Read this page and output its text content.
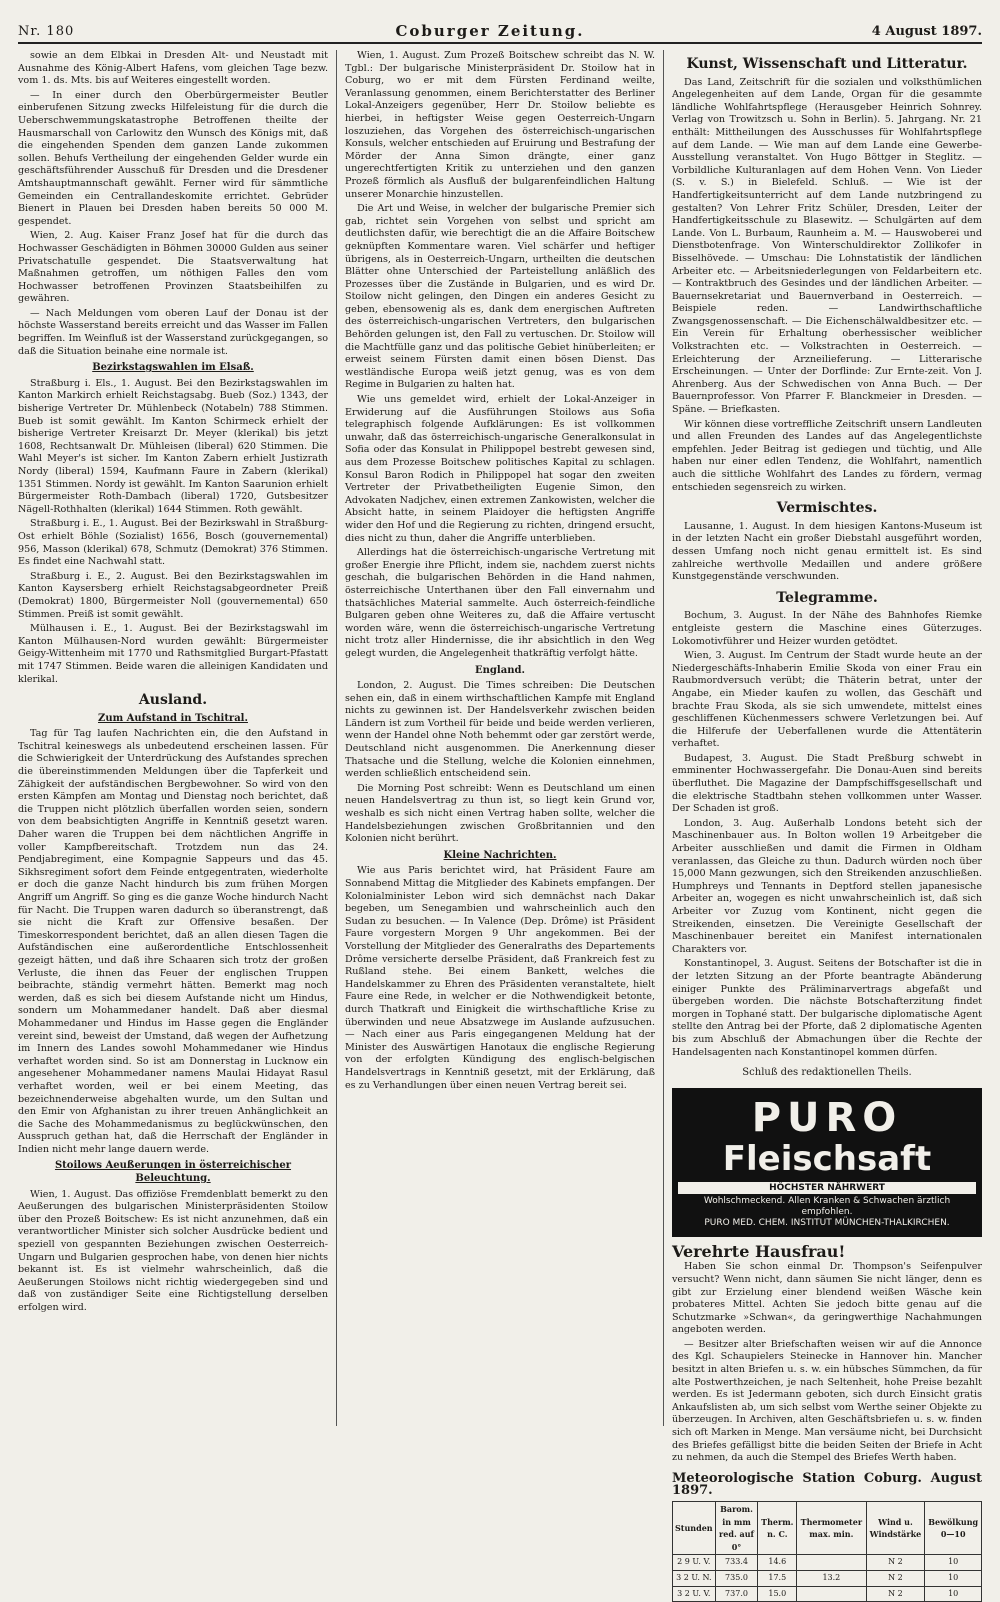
Nr. 180	Coburger Zeitung.	4 August 1897.

sowie an dem Elbkai in Dresden Alt- und Neustadt mit Ausnahme des König-Albert Hafens, vom gleichen Tage bezw. vom 1. ds. Mts. bis auf Weiteres eingestellt worden.

— In einer durch den Oberbürgermeister Beutler einberufenen Sitzung zwecks Hilfeleistung für die durch die Ueberschwemmungskatastrophe Betroffenen theilte der Hausmarschall von Carlowitz den Wunsch des Königs mit, daß die eingehenden Spenden dem ganzen Lande zukommen sollen. Behufs Vertheilung der eingehenden Gelder wurde ein geschäftsführender Ausschuß für Dresden und die Dresdener Amtshauptmannschaft gewählt. Ferner wird für sämmtliche Gemeinden ein Centrallandeskomite errichtet. Gebrüder Bienert in Plauen bei Dresden haben bereits 50 000 M. gespendet.

Wien, 2. Aug. Kaiser Franz Josef hat für die durch das Hochwasser Geschädigten in Böhmen 30000 Gulden aus seiner Privatschatulle gespendet. Die Staatsverwaltung hat Maßnahmen getroffen, um nöthigen Falles den vom Hochwasser betroffenen Provinzen Staatsbeihilfen zu gewähren.

— Nach Meldungen vom oberen Lauf der Donau ist der höchste Wasserstand bereits erreicht und das Wasser im Fallen begriffen. Im Weinfluß ist der Wasserstand zurückgegangen, so daß die Situation beinahe eine normale ist.

Bezirkstagswahlen im Elsaß.

Straßburg i. Els., 1. August. Bei den Bezirkstagswahlen im Kanton Markirch erhielt Reichstagsabg. Bueb (Soz.) 1343, der bisherige Vertreter Dr. Mühlenbeck (Notabeln) 788 Stimmen. Bueb ist somit gewählt. Im Kanton Schirmeck erhielt der bisherige Vertreter Kreisarzt Dr. Meyer (klerikal) bis jetzt 1608, Rechtsanwalt Dr. Mühleisen (liberal) 620 Stimmen. Die Wahl Meyer's ist sicher. Im Kanton Zabern erhielt Justizrath Nordy (liberal) 1594, Kaufmann Faure in Zabern (klerikal) 1351 Stimmen. Nordy ist gewählt. Im Kanton Saarunion erhielt Bürgermeister Roth-Dambach (liberal) 1720, Gutsbesitzer Nägell-Rothhalten (klerikal) 1644 Stimmen. Roth gewählt.

Straßburg i. E., 1. August. Bei der Bezirkswahl in Straßburg-Ost erhielt Böhle (Sozialist) 1656, Bosch (gouvernemental) 956, Masson (klerikal) 678, Schmutz (Demokrat) 376 Stimmen. Es findet eine Nachwahl statt.

Straßburg i. E., 2. August. Bei den Bezirkstagswahlen im Kanton Kaysersberg erhielt Reichstagsabgeordneter Preiß (Demokrat) 1800, Bürgermeister Noll (gouvernemental) 650 Stimmen. Preiß ist somit gewählt.

Mülhausen i. E., 1. August. Bei der Bezirkstagswahl im Kanton Mülhausen-Nord wurden gewählt: Bürgermeister Geigy-Wittenheim mit 1770 und Rathsmitglied Burgart-Pfastatt mit 1747 Stimmen. Beide waren die alleinigen Kandidaten und klerikal.

Ausland.
Zum Aufstand in Tschitral.

Tag für Tag laufen Nachrichten ein, die den Aufstand in Tschitral keineswegs als unbedeutend erscheinen lassen. Für die Schwierigkeit der Unterdrückung des Aufstandes sprechen die übereinstimmenden Meldungen über die Tapferkeit und Zähigkeit der aufständischen Bergbewohner. So wird von den ersten Kämpfen am Montag und Dienstag noch berichtet, daß die Truppen nicht plötzlich überfallen worden seien, sondern von dem beabsichtigten Angriffe in Kenntniß gesetzt waren. Daher waren die Truppen bei dem nächtlichen Angriffe in voller Kampfbereitschaft. Trotzdem nun das 24. Pendjabregiment, eine Kompagnie Sappeurs und das 45. Sikhsregiment sofort dem Feinde entgegentraten, wiederholte er doch die ganze Nacht hindurch bis zum frühen Morgen Angriff um Angriff. So ging es die ganze Woche hindurch Nacht für Nacht. Die Truppen waren dadurch so überanstrengt, daß sie nicht die Kraft zur Offensive besaßen. Der Timeskorrespondent berichtet, daß an allen diesen Tagen die Aufständischen eine außerordentliche Entschlossenheit gezeigt hätten, und daß ihre Schaaren sich trotz der großen Verluste, die ihnen das Feuer der englischen Truppen beibrachte, ständig vermehrt hätten. Bemerkt mag noch werden, daß es sich bei diesem Aufstande nicht um Hindus, sondern um Mohammedaner handelt. Daß aber diesmal Mohammedaner und Hindus im Hasse gegen die Engländer vereint sind, beweist der Umstand, daß wegen der Aufhetzung im Innern des Landes sowohl Mohammedaner wie Hindus verhaftet worden sind. So ist am Donnerstag in Lucknow ein angesehener Mohammedaner namens Maulai Hidayat Rasul verhaftet worden, weil er bei einem Meeting, das bezeichnenderweise abgehalten wurde, um den Sultan und den Emir von Afghanistan zu ihrer treuen Anhänglichkeit an die Sache des Mohammedanismus zu beglückwünschen, den Ausspruch gethan hat, daß die Herrschaft der Engländer in Indien nicht mehr lange dauern werde.

Stoilows Aeußerungen in österreichischer Beleuchtung.

Wien, 1. August. Das offiziöse Fremdenblatt bemerkt zu den Aeußerungen des bulgarischen Ministerpräsidenten Stoilow über den Prozeß Boitschew: Es ist nicht anzunehmen, daß ein verantwortlicher Minister sich solcher Ausdrücke bedient und speziell von gespannten Beziehungen zwischen Oesterreich-Ungarn und Bulgarien gesprochen habe, von denen hier nichts bekannt ist. Es ist vielmehr wahrscheinlich, daß die Aeußerungen Stoilows nicht richtig wiedergegeben sind und daß von zuständiger Seite eine Richtigstellung derselben erfolgen wird.

Wien, 1. August. Zum Prozeß Boitschew schreibt das N. W. Tgbl.: Der bulgarische Ministerpräsident Dr. Stoilow hat in Coburg, wo er mit dem Fürsten Ferdinand weilte, Veranlassung genommen, einem Berichterstatter des Berliner Lokal-Anzeigers gegenüber, Herr Dr. Stoilow beliebte es hierbei, in heftigster Weise gegen Oesterreich-Ungarn loszuziehen, das Vorgehen des österreichisch-ungarischen Konsuls, welcher entschieden auf Eruirung und Bestrafung der Mörder der Anna Simon drängte, einer ganz ungerechtfertigten Kritik zu unterziehen und den ganzen Prozeß förmlich als Ausfluß der bulgarenfeindlichen Haltung unserer Monarchie hinzustellen.

Die Art und Weise, in welcher der bulgarische Premier sich gab, richtet sein Vorgehen von selbst und spricht am deutlichsten dafür, wie berechtigt die an die Affaire Boitschew geknüpften Kommentare waren. Viel schärfer und heftiger übrigens, als in Oesterreich-Ungarn, urtheilten die deutschen Blätter ohne Unterschied der Parteistellung anläßlich des Prozesses über die Zustände in Bulgarien, und es wird Dr. Stoilow nicht gelingen, den Dingen ein anderes Gesicht zu geben, ebensowenig als es, dank dem energischen Auftreten des österreichisch-ungarischen Vertreters, den bulgarischen Behörden gelungen ist, den Fall zu vertuschen. Dr. Stoilow will die Machtfülle ganz und das politische Gebiet hinüberleiten; er erweist seinem Fürsten damit einen bösen Dienst. Das westländische Europa weiß jetzt genug, was es von dem Regime in Bulgarien zu halten hat.

Wie uns gemeldet wird, erhielt der Lokal-Anzeiger in Erwiderung auf die Ausführungen Stoilows aus Sofia telegraphisch folgende Aufklärungen: Es ist vollkommen unwahr, daß das österreichisch-ungarische Generalkonsulat in Sofia oder das Konsulat in Philippopel bestrebt gewesen sind, aus dem Prozesse Boitschew politisches Kapital zu schlagen. Konsul Baron Rodich in Philippopel hat sogar den zweiten Vertreter der Privatbetheiligten Eugenie Simon, den Advokaten Nadjchev, einen extremen Zankowisten, welcher die Absicht hatte, in seinem Plaidoyer die heftigsten Angriffe wider den Hof und die Regierung zu richten, dringend ersucht, dies nicht zu thun, daher die Angriffe unterblieben.

Allerdings hat die österreichisch-ungarische Vertretung mit großer Energie ihre Pflicht, indem sie, nachdem zuerst nichts geschah, die bulgarischen Behörden in die Hand nahmen, österreichische Unterthanen über den Fall einvernahm und thatsächliches Material sammelte. Auch österreich-feindliche Bulgaren geben ohne Weiteres zu, daß die Affaire vertuscht worden wäre, wenn die österreichisch-ungarische Vertretung nicht trotz aller Hindernisse, die ihr absichtlich in den Weg gelegt wurden, die Angelegenheit thatkräftig verfolgt hätte.

England.

London, 2. August. Die Times schreiben: Die Deutschen sehen ein, daß in einem wirthschaftlichen Kampfe mit England nichts zu gewinnen ist. Der Handelsverkehr zwischen beiden Ländern ist zum Vortheil für beide und beide werden verlieren, wenn der Handel ohne Noth behemmt oder gar zerstört werde, Deutschland nicht ausgenommen. Die Anerkennung dieser Thatsache und die Stellung, welche die Kolonien einnehmen, werden schließlich entscheidend sein.

Die Morning Post schreibt: Wenn es Deutschland um einen neuen Handelsvertrag zu thun ist, so liegt kein Grund vor, weshalb es sich nicht einen Vertrag haben sollte, welcher die Handelsbeziehungen zwischen Großbritannien und den Kolonien nicht berührt.

Kleine Nachrichten.

Wie aus Paris berichtet wird, hat Präsident Faure am Sonnabend Mittag die Mitglieder des Kabinets empfangen. Der Kolonialminister Lebon wird sich demnächst nach Dakar begeben, um Senegambien und wahrscheinlich auch den Sudan zu besuchen. — In Valence (Dep. Drôme) ist Präsident Faure vorgestern Morgen 9 Uhr angekommen. Bei der Vorstellung der Mitglieder des Generalraths des Departements Drôme versicherte derselbe Präsident, daß Frankreich fest zu Rußland stehe. Bei einem Bankett, welches die Handelskammer zu Ehren des Präsidenten veranstaltete, hielt Faure eine Rede, in welcher er die Nothwendigkeit betonte, durch Thatkraft und Einigkeit die wirthschaftliche Krise zu überwinden und neue Absatzwege im Auslande aufzusuchen. — Nach einer aus Paris eingegangenen Meldung hat der Minister des Auswärtigen Hanotaux die englische Regierung von der erfolgten Kündigung des englisch-belgischen Handelsvertrags in Kenntniß gesetzt, mit der Erklärung, daß es zu Verhandlungen über einen neuen Vertrag bereit sei.

Kunst, Wissenschaft und Litteratur.

Das Land, Zeitschrift für die sozialen und volksthümlichen Angelegenheiten auf dem Lande, Organ für die gesammte ländliche Wohlfahrtspflege (Herausgeber Heinrich Sohnrey. Verlag von Trowitzsch u. Sohn in Berlin). 5. Jahrgang. Nr. 21 enthält: Mittheilungen des Ausschusses für Wohlfahrtspflege auf dem Lande. — Wie man auf dem Lande eine Gewerbe-Ausstellung veranstaltet. Von Hugo Böttger in Steglitz. — Vorbildliche Kulturanlagen auf dem Hohen Venn. Von Lieder (S. v. S.) in Bielefeld. Schluß. — Wie ist der Handfertigkeitsunterricht auf dem Lande nutzbringend zu gestalten? Von Lehrer Fritz Schüler, Dresden, Leiter der Handfertigkeitsschule zu Blasewitz. — Schulgärten auf dem Lande. Von L. Burbaum, Raunheim a. M. — Hauswoberei und Dienstbotenfrage. Von Winterschuldirektor Zollikofer in Bisselhövede. — Umschau: Die Lohnstatistik der ländlichen Arbeiter etc. — Arbeitsniederlegungen von Feldarbeitern etc. — Kontraktbruch des Gesindes und der ländlichen Arbeiter. — Bauernsekretariat und Bauernverband in Oesterreich. — Beispiele reden. — Landwirthschaftliche Zwangsgenossenschaft. — Die Eichenschälwaldbesitzer etc. — Ein Verein für Erhaltung oberhessischer weiblicher Volkstrachten etc. — Volkstrachten in Oesterreich. — Erleichterung der Arzneilieferung. — Litterarische Erscheinungen. — Unter der Dorflinde: Zur Ernte-zeit. Von J. Ahrenberg. Aus der Schwedischen von Anna Buch. — Der Bauernprofessor. Von Pfarrer F. Blanckmeier in Dresden. — Späne. — Briefkasten.

Wir können diese vortreffliche Zeitschrift unsern Landleuten und allen Freunden des Landes auf das Angelegentlichste empfehlen. Jeder Beitrag ist gediegen und tüchtig, und Alle haben nur einer edlen Tendenz, die Wohlfahrt, namentlich auch die sittliche Wohlfahrt des Landes zu fördern, vermag entschieden segensreich zu wirken.

Vermischtes.

Lausanne, 1. August. In dem hiesigen Kantons-Museum ist in der letzten Nacht ein großer Diebstahl ausgeführt worden, dessen Umfang noch nicht genau ermittelt ist. Es sind zahlreiche werthvolle Medaillen und andere größere Kunstgegenstände verschwunden.

Telegramme.

Bochum, 3. August. In der Nähe des Bahnhofes Riemke entgleiste gestern die Maschine eines Güterzuges. Lokomotivführer und Heizer wurden getödtet.

Wien, 3. August. Im Centrum der Stadt wurde heute an der Niedergeschäfts-Inhaberin Emilie Skoda von einer Frau ein Raubmordversuch verübt; die Thäterin betrat, unter der Angabe, ein Mieder kaufen zu wollen, das Geschäft und brachte Frau Skoda, als sie sich umwendete, mittelst eines geschliffenen Küchenmessers schwere Verletzungen bei. Auf die Hilferufe der Ueberfallenen wurde die Attentäterin verhaftet.

Budapest, 3. August. Die Stadt Preßburg schwebt in emminenter Hochwassergefahr. Die Donau-Auen sind bereits überfluthet. Die Magazine der Dampfschiffsgesellschaft und die elektrische Stadtbahn stehen vollkommen unter Wasser. Der Schaden ist groß.

London, 3. Aug. Außerhalb Londons beteht sich der Maschinenbauer aus. In Bolton wollen 19 Arbeitgeber die Arbeiter ausschließen und damit die Firmen in Oldham veranlassen, das Gleiche zu thun. Dadurch würden noch über 15,000 Mann gezwungen, sich den Streikenden anzuschließen. Humphreys und Tennants in Deptford stellen japanesische Arbeiter an, wogegen es nicht unwahrscheinlich ist, daß sich Arbeiter vor Zuzug vom Kontinent, nicht gegen die Streikenden, einsetzen. Die Vereinigte Gesellschaft der Maschinenbauer bereitet ein Manifest internationalen Charakters vor.

Konstantinopel, 3. August. Seitens der Botschafter ist die in der letzten Sitzung an der Pforte beantragte Abänderung einiger Punkte des Präliminarvertrags abgefaßt und übergeben worden. Die nächste Botschafterzitung findet morgen in Tophané statt. Der bulgarische diplomatische Agent stellte den Antrag bei der Pforte, daß 2 diplomatische Agenten bis zum Abschluß der Abmachungen über die Rechte der Handelsagenten nach Konstantinopel kommen dürfen.

Schluß des redaktionellen Theils.
PURO
Fleischsaft
HÖCHSTER NÄHRWERT
Wohlschmeckend. Allen Kranken & Schwachen ärztlich empfohlen.
PURO MED. CHEM. INSTITUT MÜNCHEN-THALKIRCHEN.
Verehrte Hausfrau!

Haben Sie schon einmal Dr. Thompson's Seifenpulver versucht? Wenn nicht, dann säumen Sie nicht länger, denn es gibt zur Erzielung einer blendend weißen Wäsche kein probateres Mittel. Achten Sie jedoch bitte genau auf die Schutzmarke »Schwan«, da geringwerthige Nachahmungen angeboten werden.

— Besitzer alter Briefschaften weisen wir auf die Annonce des Kgl. Schaupielers Steinecke in Hannover hin. Mancher besitzt in alten Briefen u. s. w. ein hübsches Sümmchen, da für alte Postwerthzeichen, je nach Seltenheit, hohe Preise bezahlt werden. Es ist Jedermann geboten, sich durch Einsicht gratis Ankaufslisten ab, um sich selbst vom Werthe seiner Objekte zu überzeugen. In Archiven, alten Geschäftsbriefen u. s. w. finden sich oft Marken in Menge. Man versäume nicht, bei Durchsicht des Briefes gefälligst bitte die beiden Seiten der Briefe in Acht zu nehmen, da auch die Stempel des Briefes Werth haben.

Meteorologische Station Coburg. August 1897.
Stunden	Barom. in mm red. auf 0°	Therm. n. C.	Thermometer max. min.	Wind u. Windstärke	Bewölkung 0—10
2 9 U. V.	733.4	14.6		N 2	10
3 2 U. N.	735.0	17.5	13.2	N 2	10
3 2 U. V.	737.0	15.0		N 2	10
